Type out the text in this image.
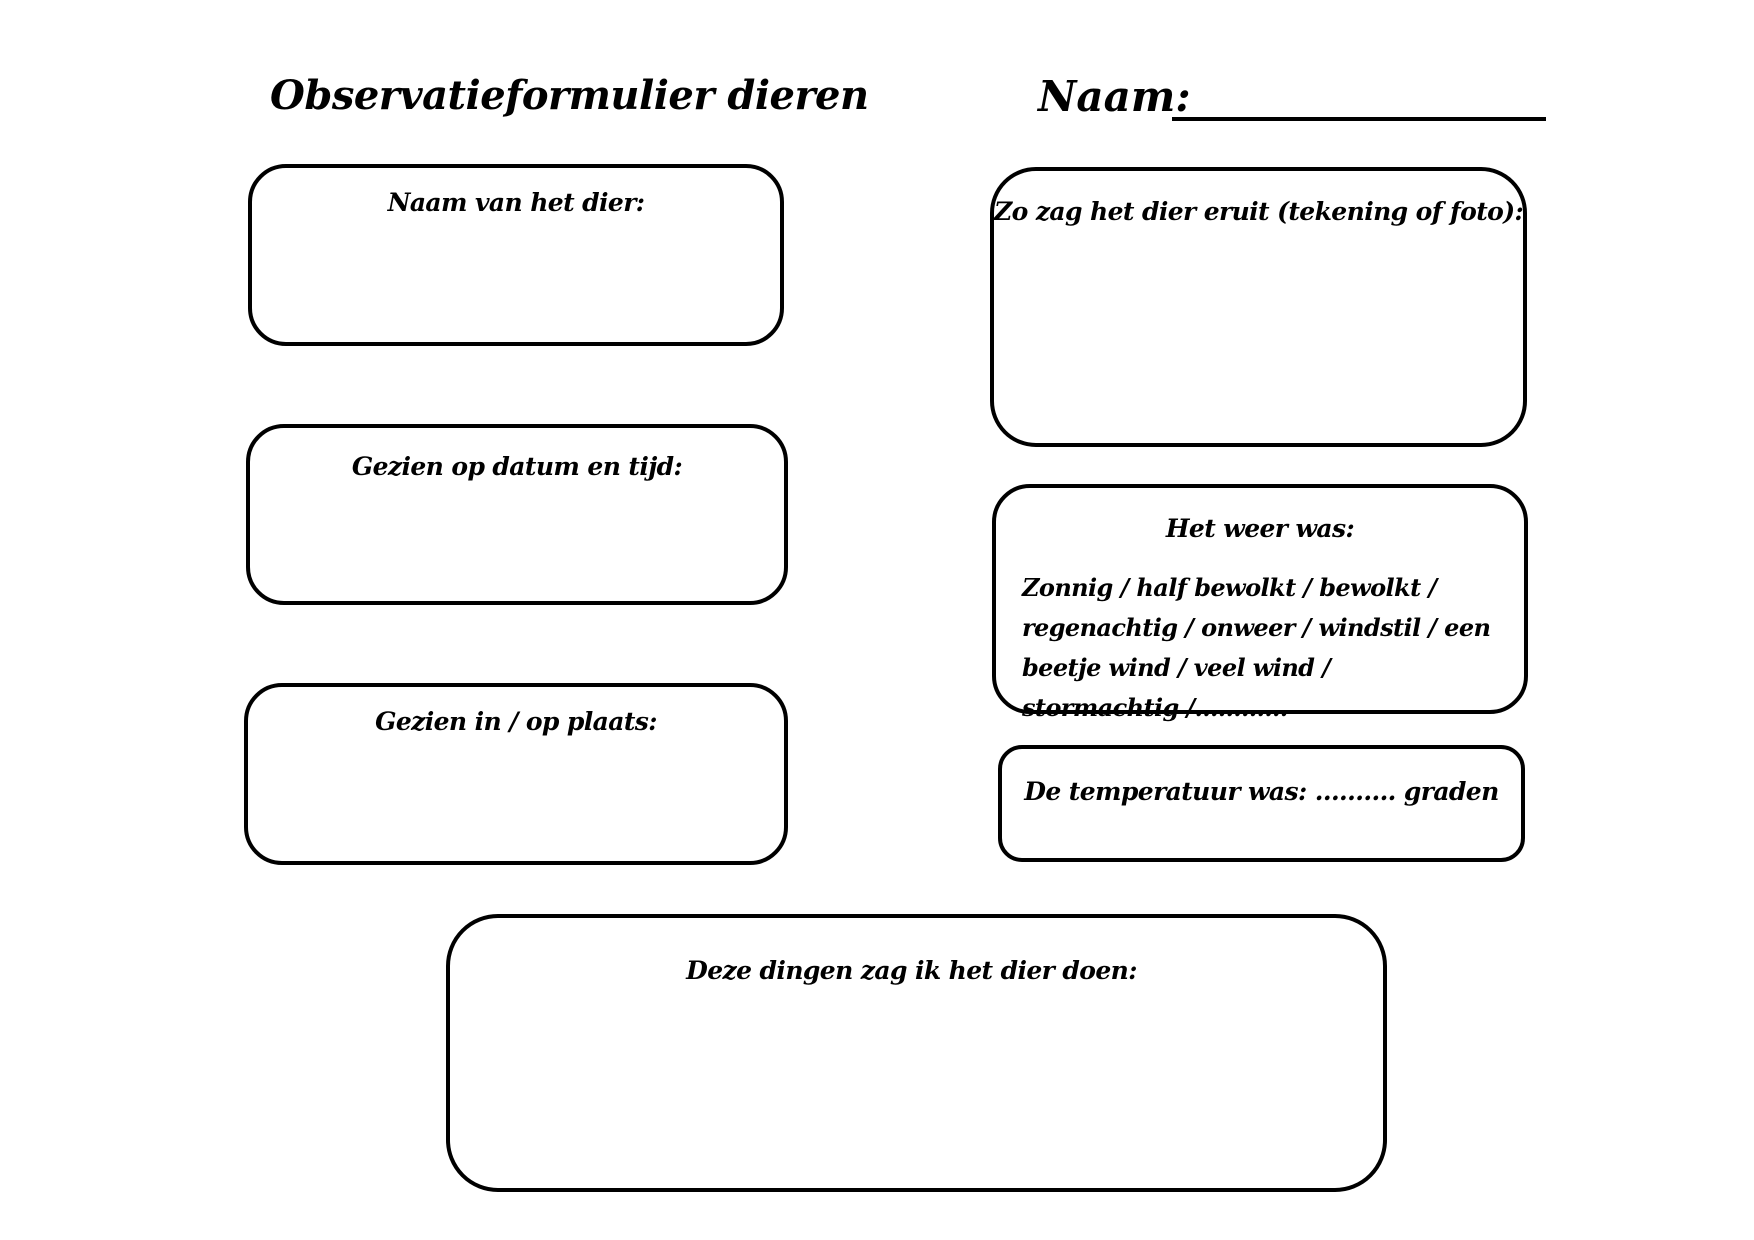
Observatieformulier dieren	Naam:
Naam van het dier:
Gezien op datum en tijd:
Gezien in / op plaats:
Zo zag het dier eruit (tekening of foto):
Het weer was:
Zonnig / half bewolkt / bewolkt / regenachtig / onweer / windstil / een beetje wind / veel wind / stormachtig /............
De temperatuur was: .......... graden
Deze dingen zag ik het dier doen:
